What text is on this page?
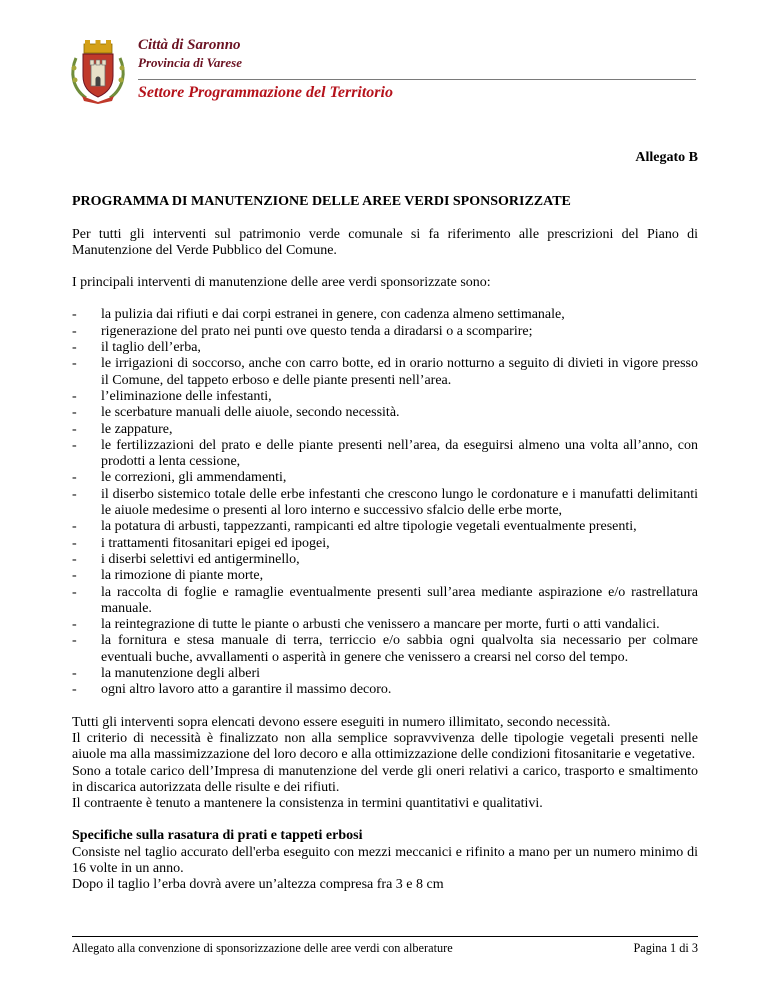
Città di Saronno
Provincia di Varese
Settore Programmazione del Territorio

Allegato B

PROGRAMMA DI MANUTENZIONE DELLE AREE VERDI SPONSORIZZATE

Per tutti gli interventi sul patrimonio verde comunale si fa riferimento alle prescrizioni del Piano di Manutenzione del Verde Pubblico del Comune.

I principali interventi di manutenzione delle aree verdi sponsorizzate sono:

- la pulizia dai rifiuti e dai corpi estranei in genere, con cadenza almeno settimanale,
- rigenerazione del prato nei punti ove questo tenda a diradarsi o a scomparire;
- il taglio dell’erba,
- le irrigazioni di soccorso, anche con carro botte, ed in orario notturno a seguito di divieti in vigore presso il Comune, del tappeto erboso e delle piante presenti nell’area.
- l’eliminazione delle infestanti,
- le scerbature manuali delle aiuole, secondo necessità.
- le zappature,
- le fertilizzazioni del prato e delle piante presenti nell’area, da eseguirsi almeno una volta all’anno, con prodotti a lenta cessione,
- le correzioni, gli ammendamenti,
- il diserbo sistemico totale delle erbe infestanti che crescono lungo le cordonature e i manufatti delimitanti le aiuole medesime o presenti al loro interno e successivo sfalcio delle erbe morte,
- la potatura di arbusti, tappezzanti, rampicanti ed altre tipologie vegetali eventualmente presenti,
- i trattamenti fitosanitari epigei ed ipogei,
- i diserbi selettivi ed antigerminello,
- la rimozione di piante morte,
- la raccolta di foglie e ramaglie eventualmente presenti sull’area mediante aspirazione e/o rastrellatura manuale.
- la reintegrazione di tutte le piante o arbusti che venissero a mancare per morte, furti o atti vandalici.
- la fornitura e stesa manuale di terra, terriccio e/o sabbia ogni qualvolta sia necessario per colmare eventuali buche, avvallamenti o asperità in genere che venissero a crearsi nel corso del tempo.
- la manutenzione degli alberi
- ogni altro lavoro atto a garantire il massimo decoro.

Tutti gli interventi sopra elencati devono essere eseguiti in numero illimitato, secondo necessità.

Il criterio di necessità è finalizzato non alla semplice sopravvivenza delle tipologie vegetali presenti nelle aiuole ma alla massimizzazione del loro decoro e alla ottimizzazione delle condizioni fitosanitarie e vegetative.

Sono a totale carico dell’Impresa di manutenzione del verde gli oneri relativi a carico, trasporto e smaltimento in discarica autorizzata delle risulte e dei rifiuti.

Il contraente è tenuto a mantenere la consistenza in termini quantitativi e qualitativi.

Specifiche sulla rasatura di prati e tappeti erbosi

Consiste nel taglio accurato dell'erba eseguito con mezzi meccanici e rifinito a mano per un numero minimo di 16 volte in un anno.

Dopo il taglio l’erba dovrà avere un’altezza compresa fra 3 e 8 cm

Allegato alla convenzione di sponsorizzazione delle aree verdi con alberature	Pagina 1 di 3
